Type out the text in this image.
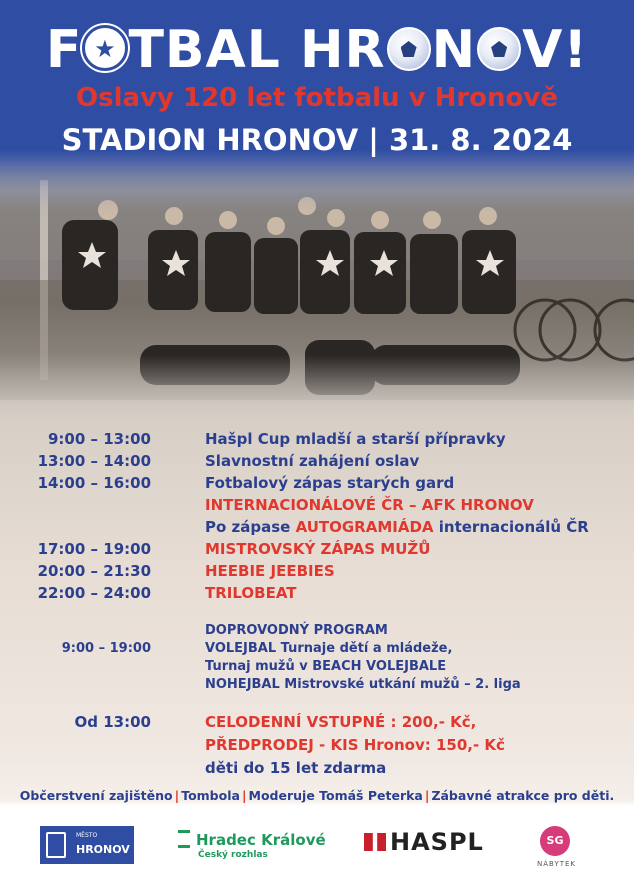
F★ TBAL HR N V!
Oslavy 120 let fotbalu v Hronově
STADION HRONOV | 31. 8. 2024
9:00 – 13:00	Hašpl Cup mladší a starší přípravky
13:00 – 14:00	Slavnostní zahájení oslav
14:00 – 16:00	Fotbalový zápas starých gard
INTERNACIONÁLOVÉ ČR – AFK HRONOV
Po zápase AUTOGRAMIÁDA internacionálů ČR
17:00 – 19:00	MISTROVSKÝ ZÁPAS MUŽŮ
20:00 – 21:30	HEEBIE JEEBIES
22:00 – 24:00	TRILOBEAT
DOPROVODNÝ PROGRAM
9:00 – 19:00	VOLEJBAL Turnaje dětí a mládeže,
Turnaj mužů v BEACH VOLEJBALE
NOHEJBAL Mistrovské utkání mužů – 2. liga
Od 13:00	CELODENNÍ VSTUPNÉ : 200,- Kč,
PŘEDPRODEJ - KIS Hronov: 150,- Kč
děti do 15 let zdarma
Občerstvení zajištěno | Tombola | Moderuje Tomáš Peterka | Zábavné atrakce pro děti.
MĚSTO
HRONOV
Hradec Králové
Český rozhlas	HASPL	SG
NÁBYTEK
